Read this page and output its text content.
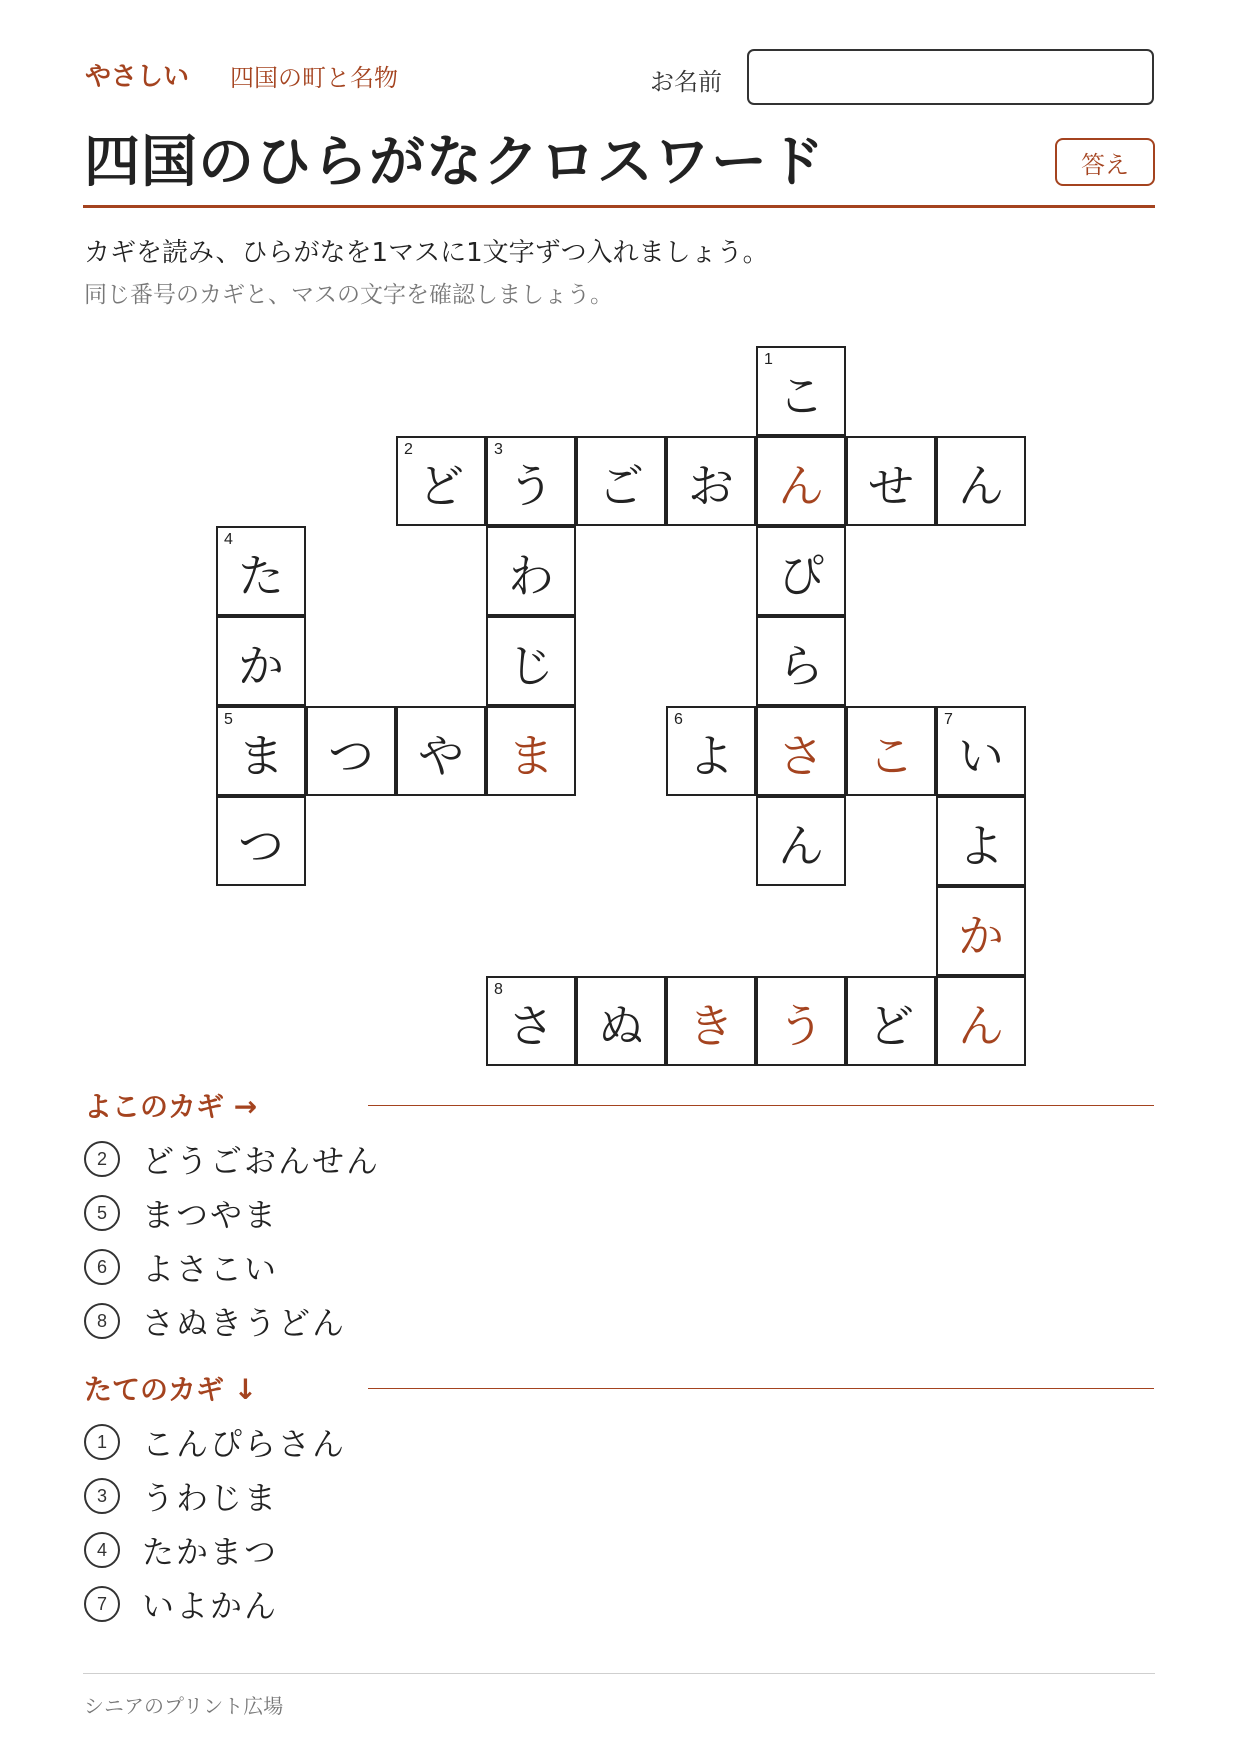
やさしい 四国の町と名物	お名前
四国のひらがなクロスワード	答え
カギを読み、ひらがなを1マスに1文字ずつ入れましょう。
同じ番号のカギと、マスの文字を確認しましょう。
1
こ
2
ど
3
う ご お ん せ ん
4
た	わ	ぴ
か	じ	ら
5
ま つ や ま
6
よ さ こ
7
い
つ	ん	よ
か
8
さ ぬ き う ど ん
よこのカギ →
2	どうごおんせん
5	まつやま
6	よさこい
8	さぬきうどん
たてのカギ ↓
1	こんぴらさん
3	うわじま
4	たかまつ
7	いよかん
シニアのプリント広場
